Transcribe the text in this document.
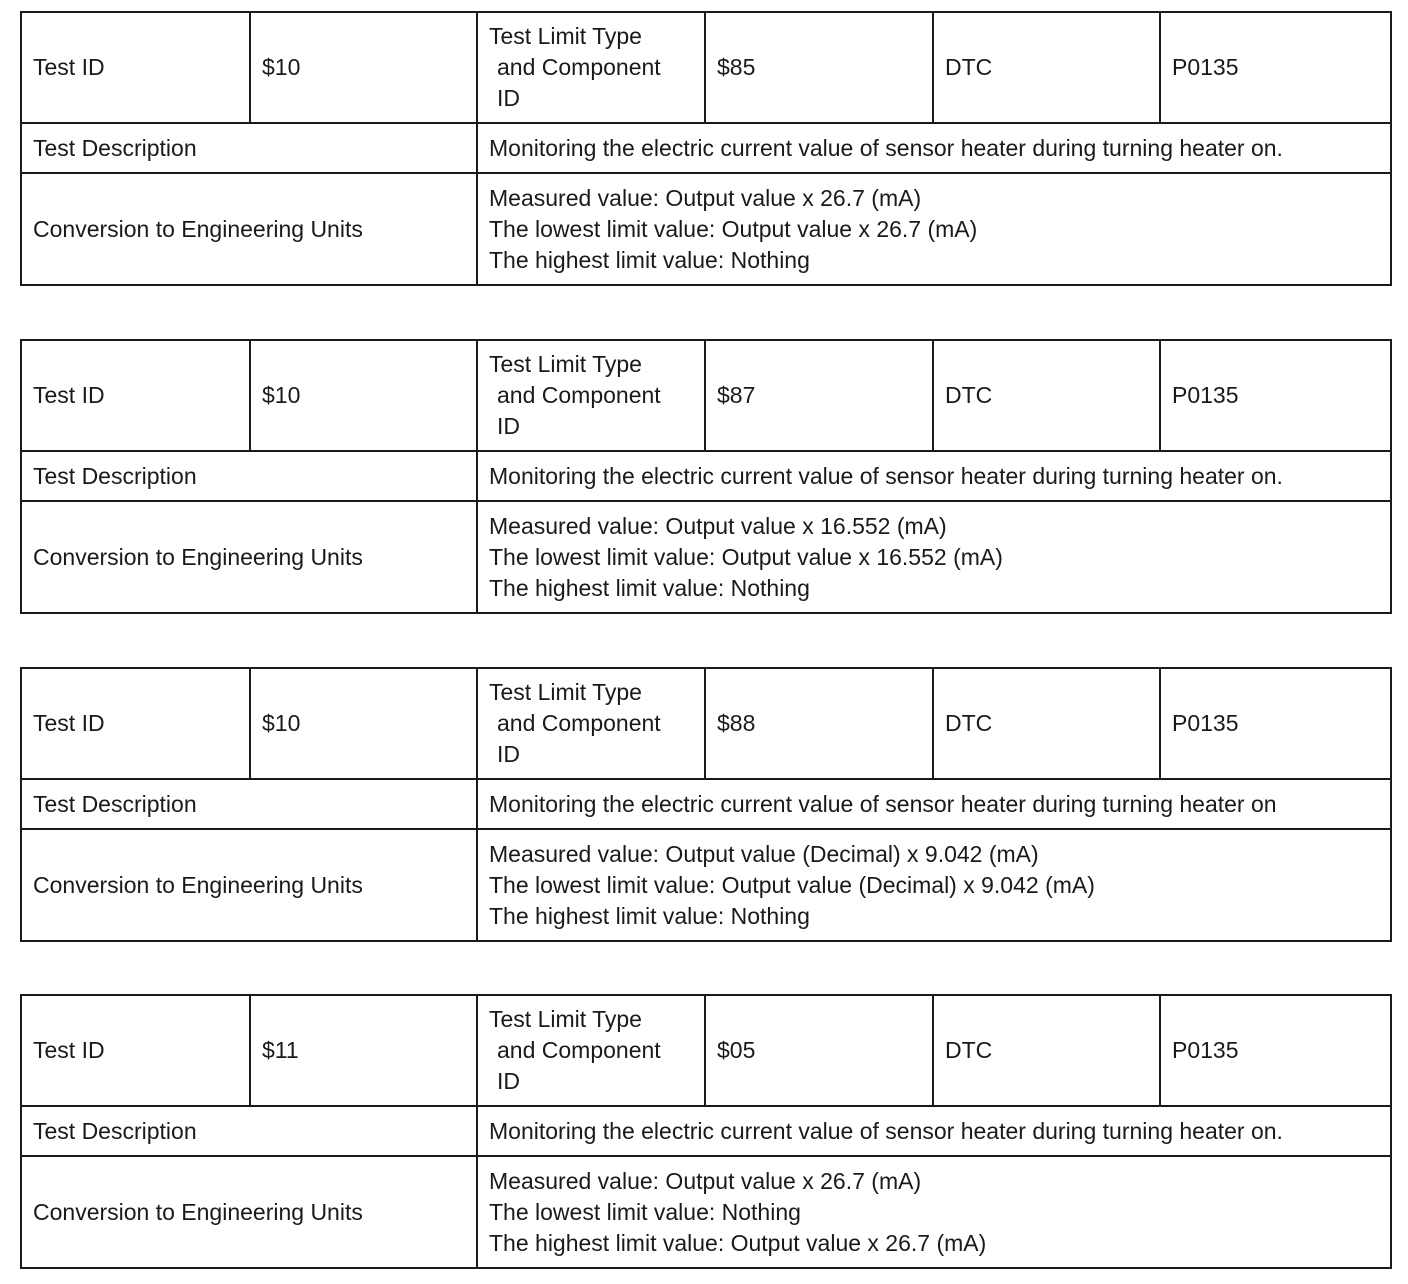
Test ID	$10	Test Limit Type
and Component
ID	$85	DTC	P0135
Test Description		Monitoring the electric current value of sensor heater during turning heater on.			
Conversion to Engineering Units		Measured value: Output value x 26.7 (mA)
The lowest limit value: Output value x 26.7 (mA)
The highest limit value: Nothing			
Test ID	$10	Test Limit Type
and Component
ID	$87	DTC	P0135
Test Description		Monitoring the electric current value of sensor heater during turning heater on.			
Conversion to Engineering Units		Measured value: Output value x 16.552 (mA)
The lowest limit value: Output value x 16.552 (mA)
The highest limit value: Nothing			
Test ID	$10	Test Limit Type
and Component
ID	$88	DTC	P0135
Test Description		Monitoring the electric current value of sensor heater during turning heater on			
Conversion to Engineering Units		Measured value: Output value (Decimal) x 9.042 (mA)
The lowest limit value: Output value (Decimal) x 9.042 (mA)
The highest limit value: Nothing			
Test ID	$11	Test Limit Type
and Component
ID	$05	DTC	P0135
Test Description		Monitoring the electric current value of sensor heater during turning heater on.			
Conversion to Engineering Units		Measured value: Output value x 26.7 (mA)
The lowest limit value: Nothing
The highest limit value: Output value x 26.7 (mA)			
